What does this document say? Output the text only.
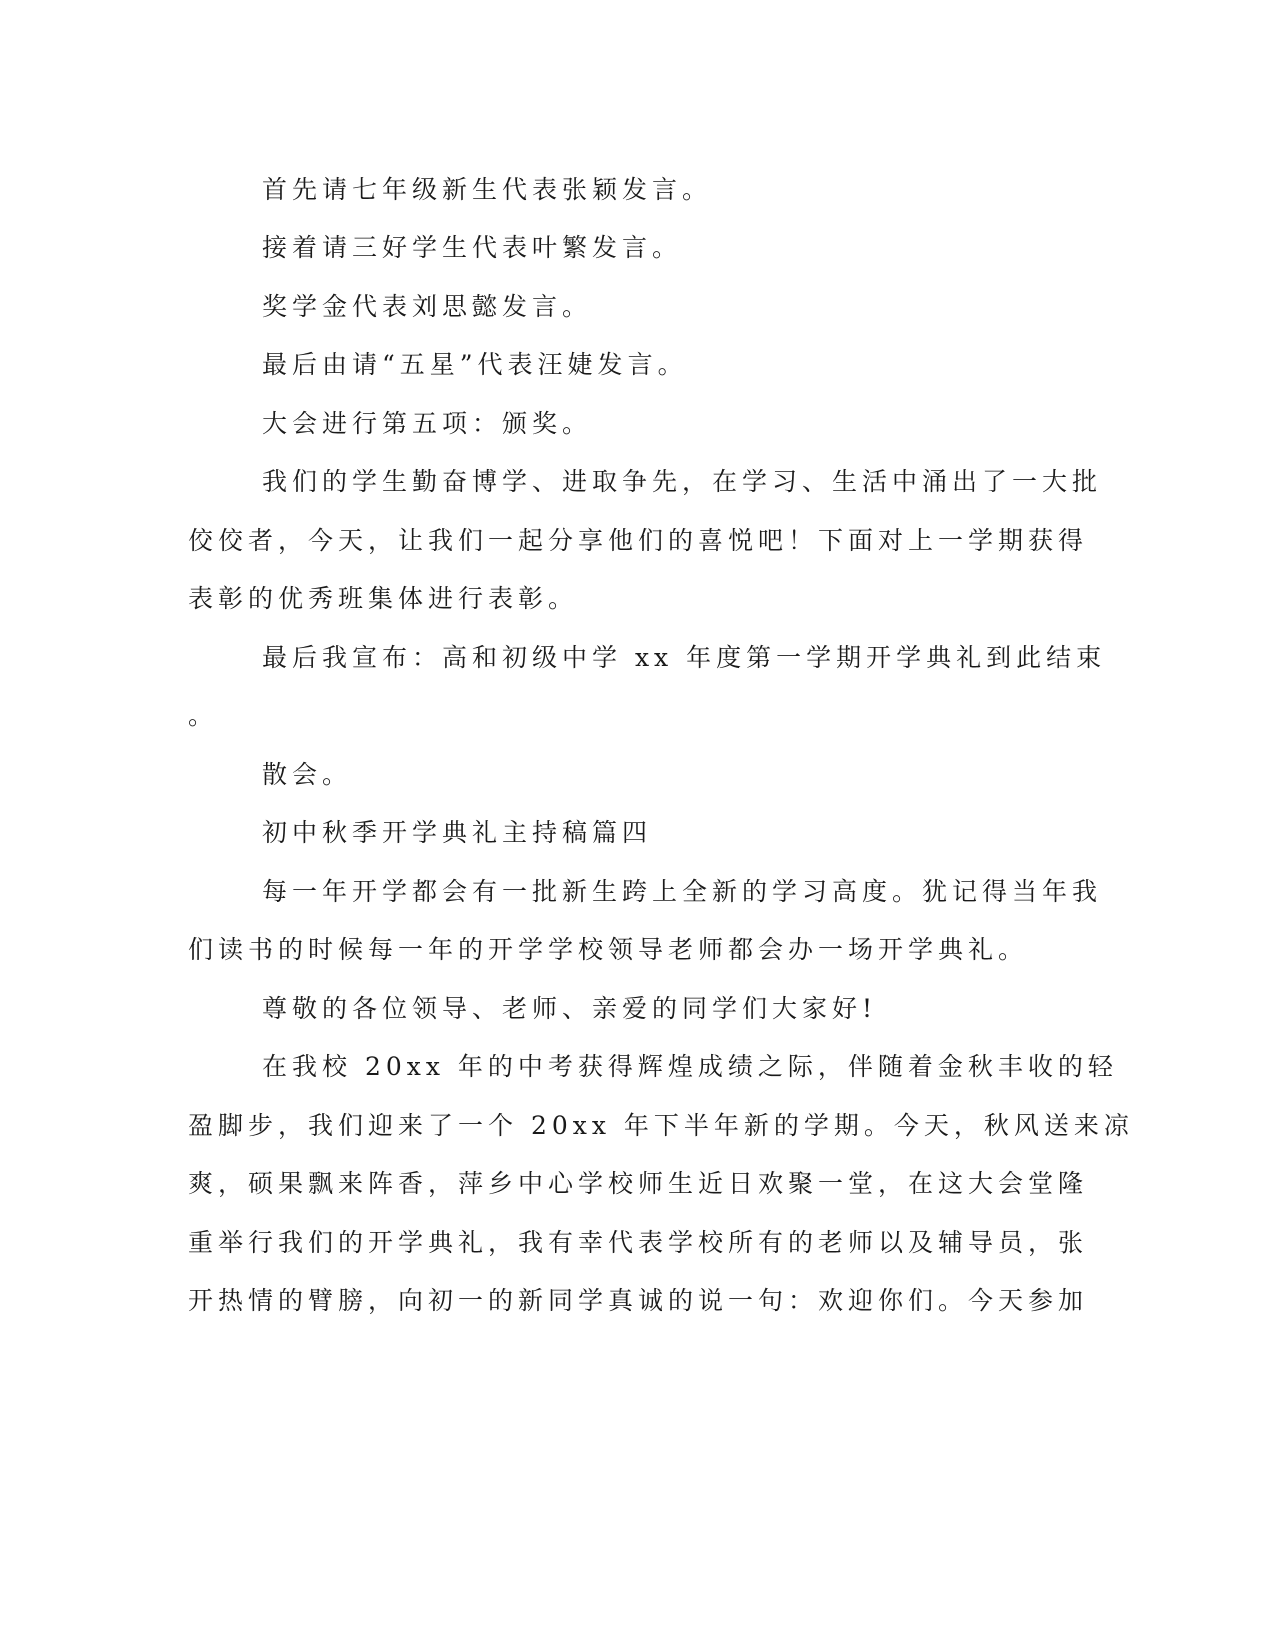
首先请七年级新生代表张颖发言。
接着请三好学生代表叶繁发言。
奖学金代表刘思懿发言。
最后由请“五星”代表汪婕发言。
大会进行第五项：颁奖。
我们的学生勤奋博学、进取争先，在学习、生活中涌出了一大批
佼佼者，今天，让我们一起分享他们的喜悦吧！下面对上一学期获得
表彰的优秀班集体进行表彰。
最后我宣布：高和初级中学 xx 年度第一学期开学典礼到此结束
。
散会。
初中秋季开学典礼主持稿篇四
每一年开学都会有一批新生跨上全新的学习高度。犹记得当年我
们读书的时候每一年的开学学校领导老师都会办一场开学典礼。
尊敬的各位领导、老师、亲爱的同学们大家好!
在我校 20xx 年的中考获得辉煌成绩之际，伴随着金秋丰收的轻
盈脚步，我们迎来了一个 20xx 年下半年新的学期。今天，秋风送来凉
爽，硕果飘来阵香，萍乡中心学校师生近日欢聚一堂，在这大会堂隆
重举行我们的开学典礼，我有幸代表学校所有的老师以及辅导员，张
开热情的臂膀，向初一的新同学真诚的说一句：欢迎你们。今天参加
